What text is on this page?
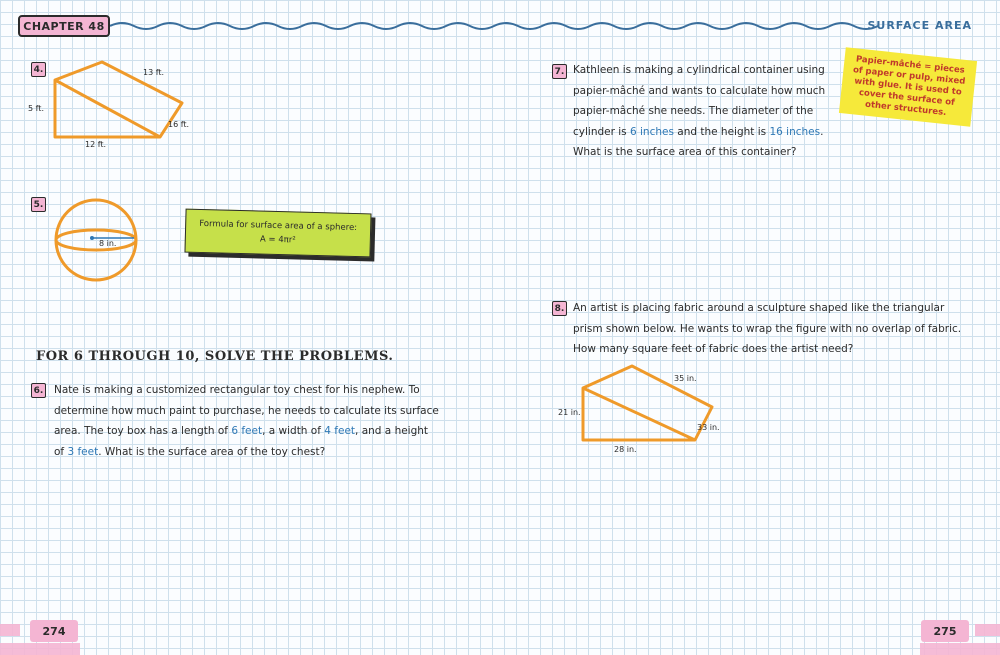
CHAPTER 48	SURFACE AREA
4.	13 ft.
5 ft.
16 ft.
12 ft.
5.
8 in.
Formula for surface area of a sphere:
A = 4πr²
FOR 6 THROUGH 10, SOLVE THE PROBLEMS.
6. Nate is making a customized rectangular toy chest for his nephew. To
determine how much paint to purchase, he needs to calculate its surface
area. The toy box has a length of 6 feet, a width of 4 feet, and a height
of 3 feet. What is the surface area of the toy chest?
7. Kathleen is making a cylindrical container using
papier-mâché and wants to calculate how much
papier-mâché she needs. The diameter of the
cylinder is 6 inches and the height is 16 inches.
What is the surface area of this container?
Papier-mâché = pieces of paper or pulp, mixed with glue. It is used to cover the surface of other structures.
8. An artist is placing fabric around a sculpture shaped like the triangular
prism shown below. He wants to wrap the figure with no overlap of fabric.
How many square feet of fabric does the artist need?
35 in.
21 in.
33 in.
28 in.
274	275
